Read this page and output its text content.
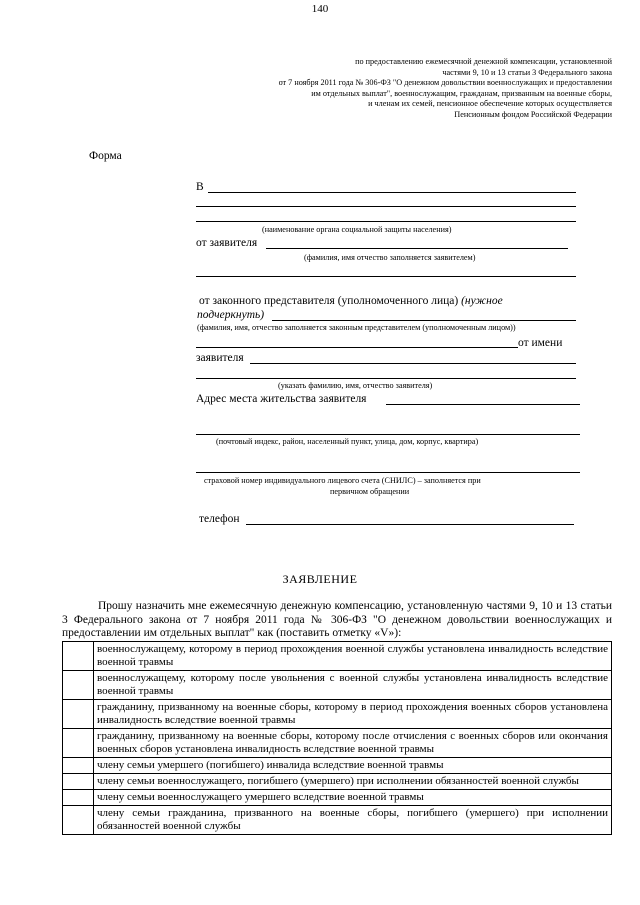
140
по предоставлению ежемесячной денежной компенсации, установленной
частями 9, 10 и 13 статьи 3 Федерального закона
от 7 ноября 2011 года № 306-ФЗ "О денежном довольствии военнослужащих и предоставлении
им отдельных выплат", военнослужащим, гражданам, призванным на военные сборы,
и членам их семей, пенсионное обеспечение которых осуществляется
Пенсионным фондом Российской Федерации
Форма
В
(наименование органа социальной защиты населения)
от заявителя
(фамилия, имя отчество заполняется заявителем)
от законного представителя (уполномоченного лица) (нужное
подчеркнуть)
(фамилия, имя, отчество заполняется законным представителем (уполномоченным лицом))
от имени
заявителя
(указать фамилию, имя, отчество заявителя)
Адрес места жительства заявителя
(почтовый индекс, район, населенный пункт, улица, дом, корпус, квартира)
страховой номер индивидуального лицевого счета (СНИЛС) – заполняется при
первичном обращении
телефон
ЗАЯВЛЕНИЕ

Прошу назначить мне ежемесячную денежную компенсацию, установленную частями 9, 10 и 13 статьи 3 Федерального закона от 7 ноября 2011 года № 306-ФЗ "О денежном довольствии военнослужащих и предоставлении им отдельных выплат" как (поставить отметку «V»):

	военнослужащему, которому в период прохождения военной службы установлена инвалидность вследствие военной травмы
	военнослужащему, которому после увольнения с военной службы установлена инвалидность вследствие военной травмы
	гражданину, призванному на военные сборы, которому в период прохождения военных сборов установлена инвалидность вследствие военной травмы
	гражданину, призванному на военные сборы, которому после отчисления с военных сборов или окончания военных сборов установлена инвалидность вследствие военной травмы
	члену семьи умершего (погибшего) инвалида вследствие военной травмы
	члену семьи военнослужащего, погибшего (умершего) при исполнении обязанностей военной службы
	члену семьи военнослужащего умершего вследствие военной травмы
	члену семьи гражданина, призванного на военные сборы, погибшего (умершего) при исполнении обязанностей военной службы
